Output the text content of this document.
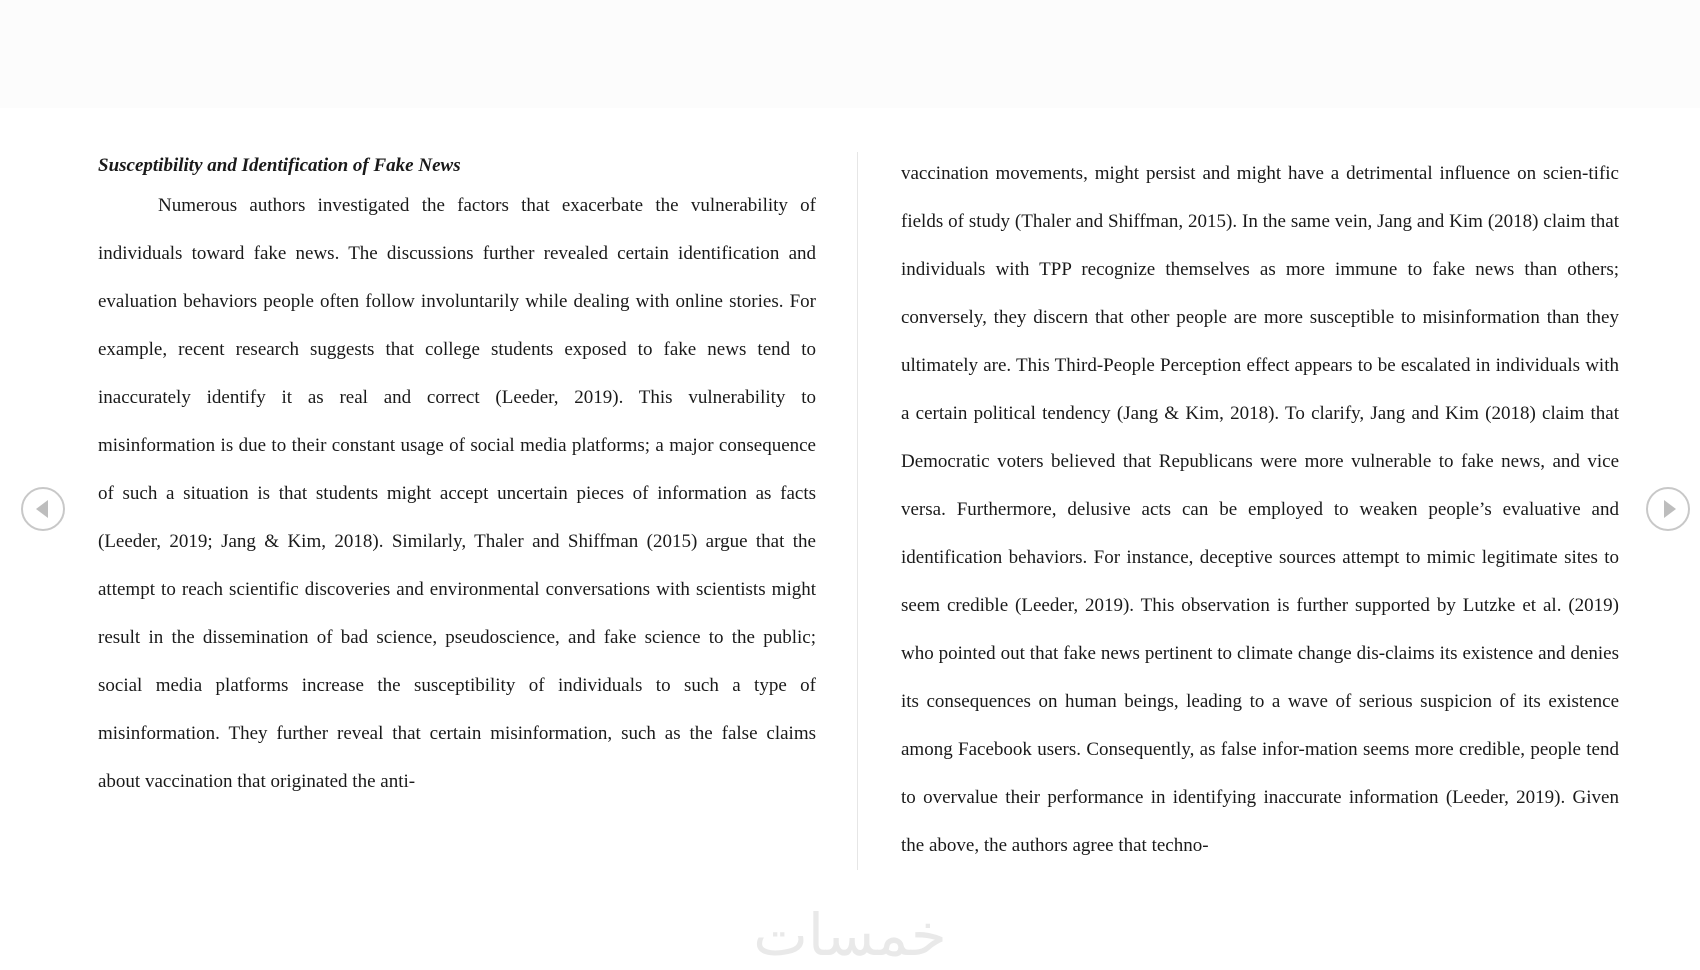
Susceptibility and Identification of Fake News

Numerous authors investigated the factors that exacerbate the vulnerability of individuals toward fake news. The discussions further revealed certain identification and evaluation behaviors people often follow involuntarily while dealing with online stories. For example, recent research suggests that college students exposed to fake news tend to inaccurately identify it as real and correct (Leeder, 2019). This vulnerability to misinformation is due to their constant usage of social media platforms; a major consequence of such a situation is that students might accept uncertain pieces of information as facts (Leeder, 2019; Jang & Kim, 2018). Similarly, Thaler and Shiffman (2015) argue that the attempt to reach scientific discoveries and environmental conversations with scientists might result in the dissemination of bad science, pseudoscience, and fake science to the public; social media platforms increase the susceptibility of individuals to such a type of misinformation. They further reveal that certain misinformation, such as the false claims about vaccination that originated the anti-

vaccination movements, might persist and might have a detrimental influence on scien-tific fields of study (Thaler and Shiffman, 2015). In the same vein, Jang and Kim (2018) claim that individuals with TPP recognize themselves as more immune to fake news than others; conversely, they discern that other people are more susceptible to misinformation than they ultimately are. This Third-People Perception effect appears to be escalated in individuals with a certain political tendency (Jang & Kim, 2018). To clarify, Jang and Kim (2018) claim that Democratic voters believed that Republicans were more vulnerable to fake news, and vice versa. Furthermore, delusive acts can be employed to weaken people’s evaluative and identification behaviors. For instance, deceptive sources attempt to mimic legitimate sites to seem credible (Leeder, 2019). This observation is further supported by Lutzke et al. (2019) who pointed out that fake news pertinent to climate change dis-claims its existence and denies its consequences on human beings, leading to a wave of serious suspicion of its existence among Facebook users. Consequently, as false infor-mation seems more credible, people tend to overvalue their performance in identifying inaccurate information (Leeder, 2019). Given the above, the authors agree that techno-

خمسات
